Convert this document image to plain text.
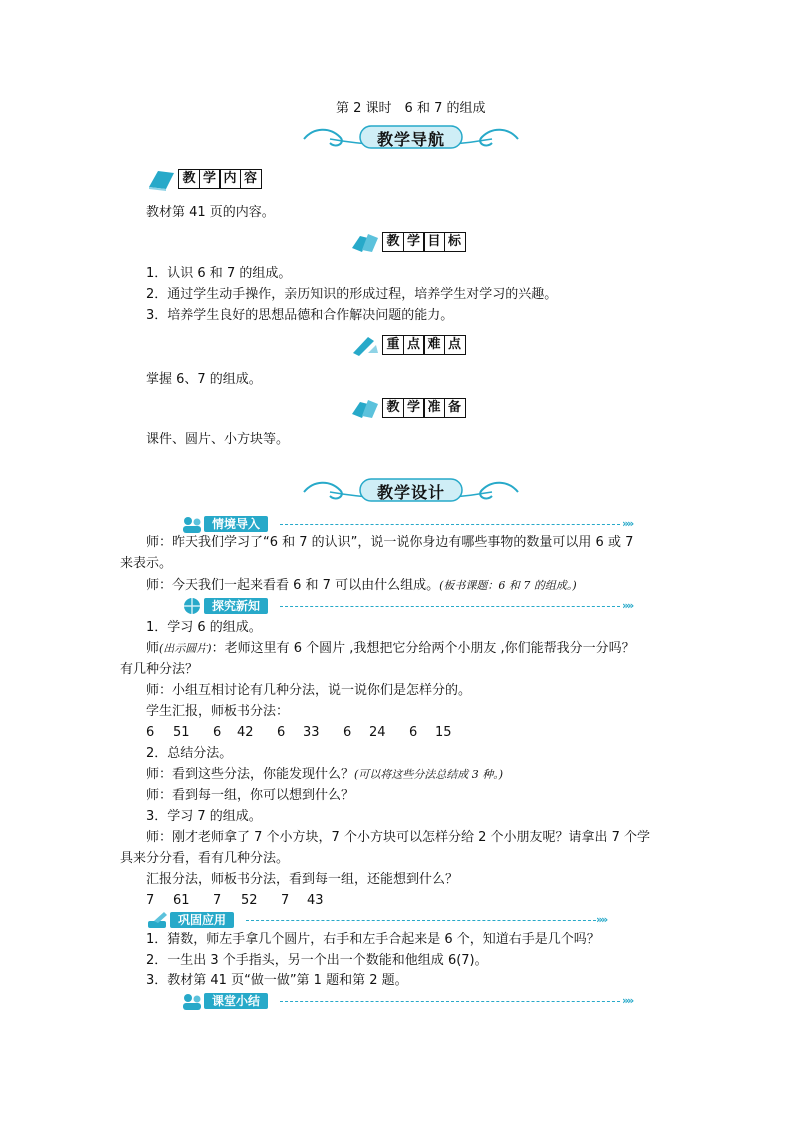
第 2 课时　6 和 7 的组成
教学导航
教 学 内 容
教材第 41 页的内容。
教 学 目 标
1．认识 6 和 7 的组成。
2．通过学生动手操作，亲历知识的形成过程，培养学生对学习的兴趣。
3．培养学生良好的思想品德和合作解决问题的能力。
重 点 难 点
掌握 6、7 的组成。
教 学 准 备
课件、圆片、小方块等。
教学设计
情境导入	»»
师：昨天我们学习了“6 和 7 的认识”，说一说你身边有哪些事物的数量可以用 6 或 7
来表示。
师：今天我们一起来看看 6 和 7 可以由什么组成。(板书课题：6 和 7 的组成。)
探究新知	»»
1．学习 6 的组成。
师(出示圆片)：老师这里有 6 个圆片 ,我想把它分给两个小朋友 ,你们能帮我分一分吗？
有几种分法？
师：小组互相讨论有几种分法，说一说你们是怎样分的。
学生汇报，师板书分法：
6 51 6 42 6 33 6 24 6 15
2．总结分法。
师：看到这些分法，你能发现什么？(可以将这些分法总结成 3 种。)
师：看到每一组，你可以想到什么？
3．学习 7 的组成。
师：刚才老师拿了 7 个小方块，7 个小方块可以怎样分给 2 个小朋友呢？请拿出 7 个学
具来分分看，看有几种分法。
汇报分法，师板书分法，看到每一组，还能想到什么？
7 61 7 52 7 43
巩固应用	»»
1．猜数，师左手拿几个圆片，右手和左手合起来是 6 个，知道右手是几个吗？
2．一生出 3 个手指头，另一个出一个数能和他组成 6(7)。
3．教材第 41 页“做一做”第 1 题和第 2 题。
课堂小结	»»
